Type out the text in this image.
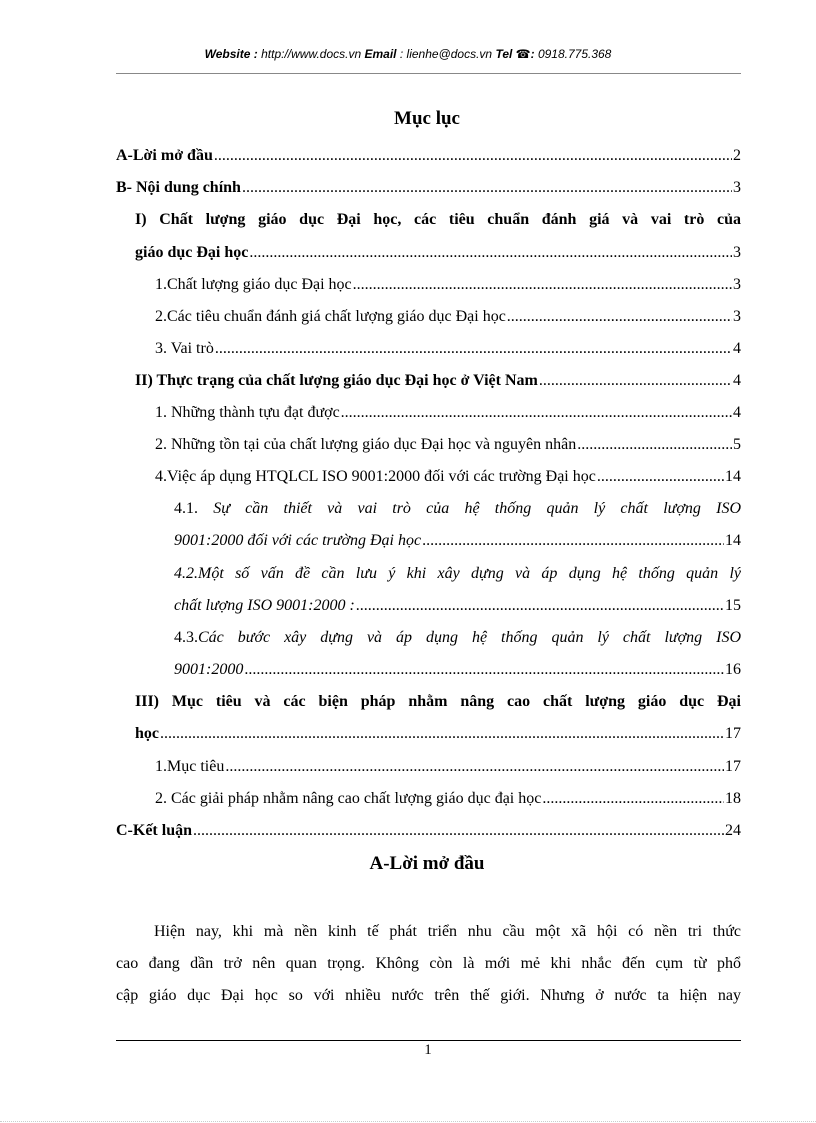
Website : http://www.docs.vn Email : lienhe@docs.vn Tel ☎: 0918.775.368
Mục lục
A-Lời mở đầu .....	2
B- Nội dung chính .....	3
I) Chất lượng giáo dục Đại học, các tiêu chuẩn đánh giá và vai trò của
giáo dục Đại học .....	3
1.Chất lượng giáo dục Đại học .....	3
2.Các tiêu chuẩn đánh giá chất lượng giáo dục Đại học .....	3
3. Vai trò .....	4
II) Thực trạng của chất lượng giáo dục Đại học ở Việt Nam .....	4
1. Những thành tựu đạt được .....	4
2. Những tồn tại của chất lượng giáo dục Đại học và nguyên nhân .....	5
4.Việc áp dụng HTQLCL ISO 9001:2000 đối với các trường Đại học .....	14
4.1. Sự cần thiết và vai trò của hệ thống quản lý chất lượng ISO
9001:2000 đối với các trường Đại học .....	14
4.2.Một số vấn đề cần lưu ý khi xây dựng và áp dụng hệ thống quản lý
chất lượng ISO 9001:2000 : .....	15
4.3.Các bước xây dựng và áp dụng hệ thống quản lý chất lượng ISO
9001:2000 .....	16
III) Mục tiêu và các biện pháp nhằm nâng cao chất lượng giáo dục Đại
học .....	17
1.Mục tiêu .....	17
2. Các giải pháp nhằm nâng cao chất lượng giáo dục đại học .....	18
C-Kết luận .....	24
A-Lời mở đầu
Hiện nay, khi mà nền kinh tế phát triển nhu cầu một xã hội có nền tri thức
cao đang dần trở nên quan trọng. Không còn là mới mẻ khi nhắc đến cụm từ phổ
cập giáo dục Đại học so với nhiều nước trên thế giới. Nhưng ở nước ta hiện nay
1
